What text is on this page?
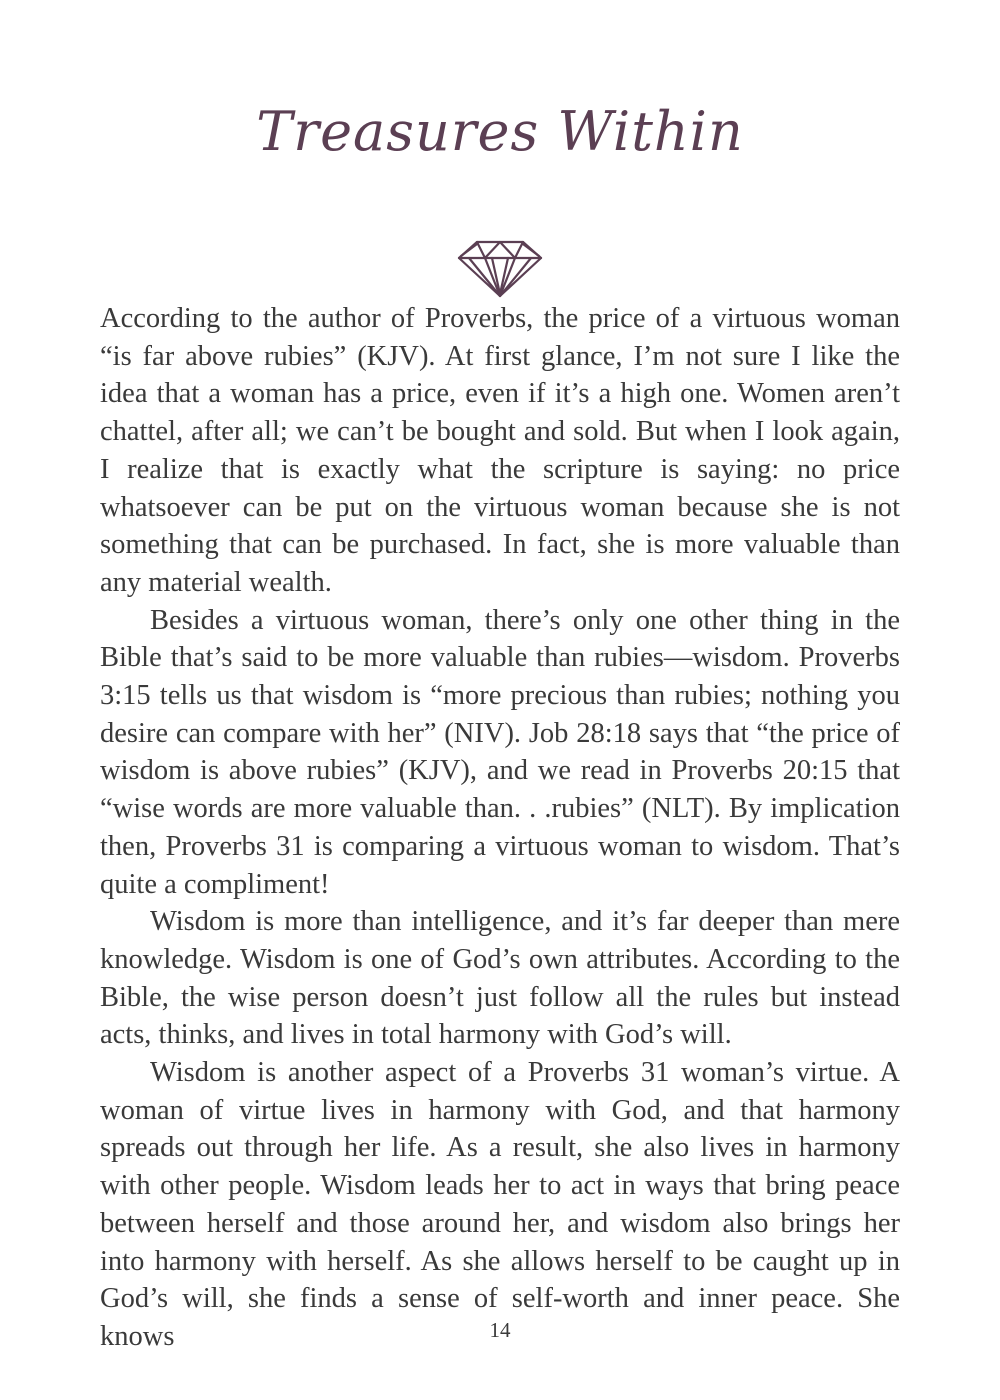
Treasures Within

According to the author of Proverbs, the price of a virtuous woman “is far above rubies” (KJV). At first glance, I’m not sure I like the idea that a woman has a price, even if it’s a high one. Women aren’t chattel, after all; we can’t be bought and sold. But when I look again, I realize that is exactly what the scripture is saying: no price whatsoever can be put on the virtuous woman because she is not something that can be purchased. In fact, she is more valuable than any material wealth.

Besides a virtuous woman, there’s only one other thing in the Bible that’s said to be more valuable than rubies—wisdom. Proverbs 3:15 tells us that wisdom is “more precious than rubies; nothing you desire can compare with her” (NIV). Job 28:18 says that “the price of wisdom is above rubies” (KJV), and we read in Proverbs 20:15 that “wise words are more valuable than. . .rubies” (NLT). By implication then, Proverbs 31 is comparing a virtuous woman to wisdom. That’s quite a compliment!

Wisdom is more than intelligence, and it’s far deeper than mere knowledge. Wisdom is one of God’s own attributes. According to the Bible, the wise person doesn’t just follow all the rules but instead acts, thinks, and lives in total harmony with God’s will.

Wisdom is another aspect of a Proverbs 31 woman’s virtue. A woman of virtue lives in harmony with God, and that harmony spreads out through her life. As a result, she also lives in harmony with other people. Wisdom leads her to act in ways that bring peace between herself and those around her, and wisdom also brings her into harmony with herself. As she allows herself to be caught up in God’s will, she finds a sense of self-worth and inner peace. She knows	14
